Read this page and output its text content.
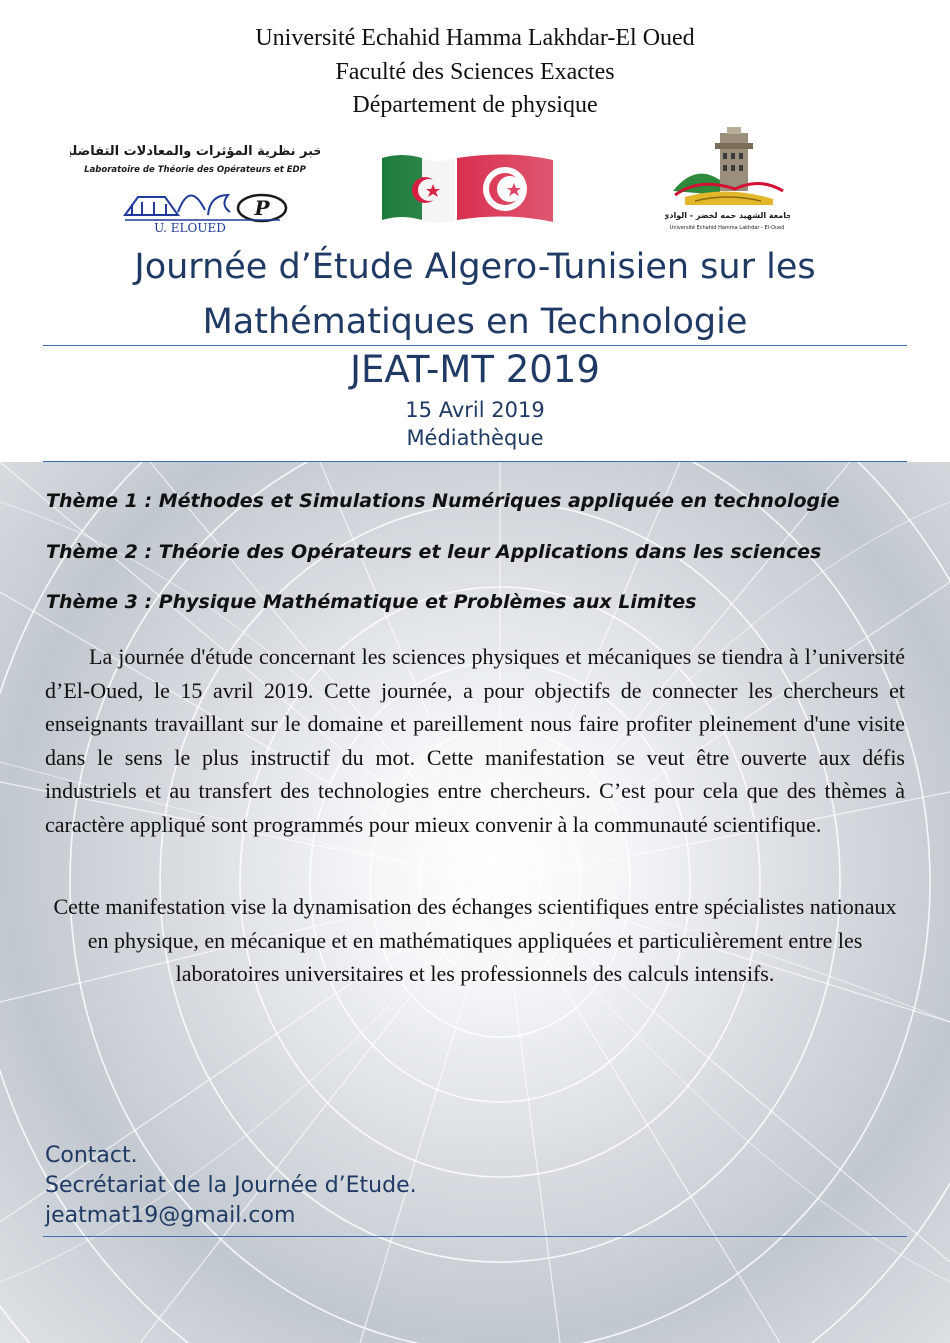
Université Echahid Hamma Lakhdar-El Oued
Faculté des Sciences Exactes
Département de physique
مخبر نظرية المؤثرات والمعادلات التفاضلية
Laboratoire de Théorie des Opérateurs et EDP
P
U. ELOUED
جامعة الشهيد حمه لخضر - الوادي
Université Echahid Hamma Lakhdar - El-Oued
Journée d’Étude Algero-Tunisien sur les
Mathématiques en Technologie
JEAT-MT 2019
15 Avril 2019
Médiathèque
Thème 1 : Méthodes et Simulations Numériques appliquée en technologie
Thème 2 : Théorie des Opérateurs et leur Applications dans les sciences
Thème 3 : Physique Mathématique et Problèmes aux Limites
La journée d'étude concernant les sciences physiques et mécaniques se tiendra à l’université d’El-Oued, le 15 avril 2019. Cette journée, a pour objectifs de connecter les chercheurs et enseignants travaillant sur le domaine et pareillement nous faire profiter pleinement d'une visite dans le sens le plus instructif du mot. Cette manifestation se veut être ouverte aux défis industriels et au transfert des technologies entre chercheurs. C’est pour cela que des thèmes à caractère appliqué sont programmés pour mieux convenir à la communauté scientifique.
Cette manifestation vise la dynamisation des échanges scientifiques entre spécialistes nationaux en physique, en mécanique et en mathématiques appliquées et particulièrement entre les laboratoires universitaires et les professionnels des calculs intensifs.
Contact.
Secrétariat de la Journée d’Etude.
jeatmat19@gmail.com
